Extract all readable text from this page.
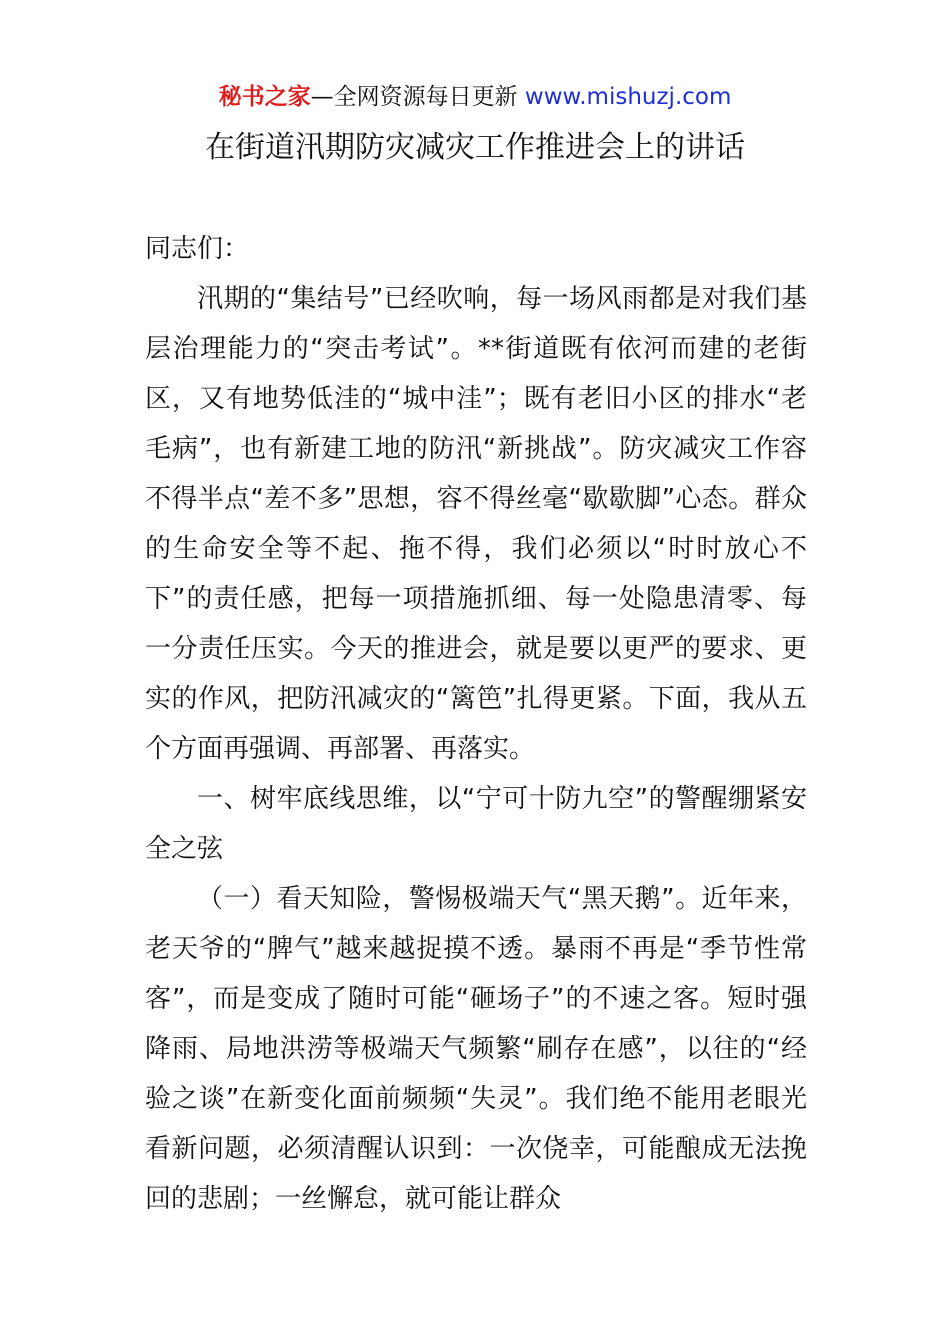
秘书之家—全网资源每日更新 www.mishuzj.com
在街道汛期防灾减灾工作推进会上的讲话

同志们：

汛期的“集结号”已经吹响，每一场风雨都是对我们基层治理能力的“突击考试”。**街道既有依河而建的老街区，又有地势低洼的“城中洼”；既有老旧小区的排水“老毛病”，也有新建工地的防汛“新挑战”。防灾减灾工作容不得半点“差不多”思想，容不得丝毫“歇歇脚”心态。群众的生命安全等不起、拖不得，我们必须以“时时放心不下”的责任感，把每一项措施抓细、每一处隐患清零、每一分责任压实。今天的推进会，就是要以更严的要求、更实的作风，把防汛减灾的“篱笆”扎得更紧。下面，我从五个方面再强调、再部署、再落实。

一、树牢底线思维，以“宁可十防九空”的警醒绷紧安全之弦

（一）看天知险，警惕极端天气“黑天鹅”。近年来，老天爷的“脾气”越来越捉摸不透。暴雨不再是“季节性常客”，而是变成了随时可能“砸场子”的不速之客。短时强降雨、局地洪涝等极端天气频繁“刷存在感”，以往的“经验之谈”在新变化面前频频“失灵”。我们绝不能用老眼光看新问题，必须清醒认识到：一次侥幸，可能酿成无法挽回的悲剧；一丝懈怠，就可能让群众
